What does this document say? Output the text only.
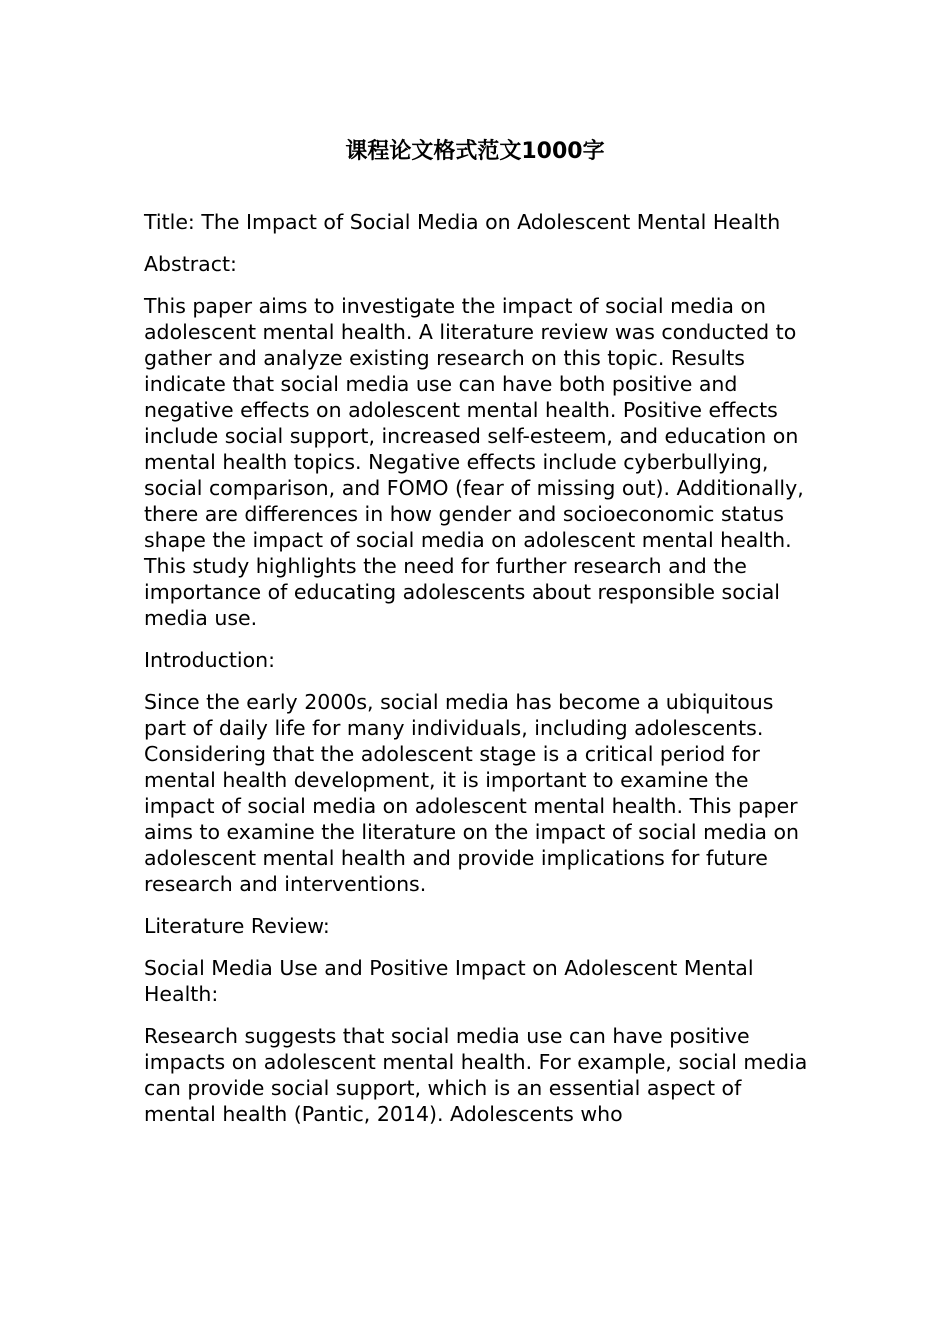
课程论文格式范文1000字

Title: The Impact of Social Media on Adolescent Mental Health

Abstract:

This paper aims to investigate the impact of social media on adolescent mental health. A literature review was conducted to gather and analyze existing research on this topic. Results indicate that social media use can have both positive and negative effects on adolescent mental health. Positive effects include social support, increased self-esteem, and education on mental health topics. Negative effects include cyberbullying, social comparison, and FOMO (fear of missing out). Additionally, there are differences in how gender and socioeconomic status shape the impact of social media on adolescent mental health. This study highlights the need for further research and the importance of educating adolescents about responsible social media use.

Introduction:

Since the early 2000s, social media has become a ubiquitous part of daily life for many individuals, including adolescents. Considering that the adolescent stage is a critical period for mental health development, it is important to examine the impact of social media on adolescent mental health. This paper aims to examine the literature on the impact of social media on adolescent mental health and provide implications for future research and interventions.

Literature Review:

Social Media Use and Positive Impact on Adolescent Mental Health:

Research suggests that social media use can have positive impacts on adolescent mental health. For example, social media can provide social support, which is an essential aspect of mental health (Pantic, 2014). Adolescents who
